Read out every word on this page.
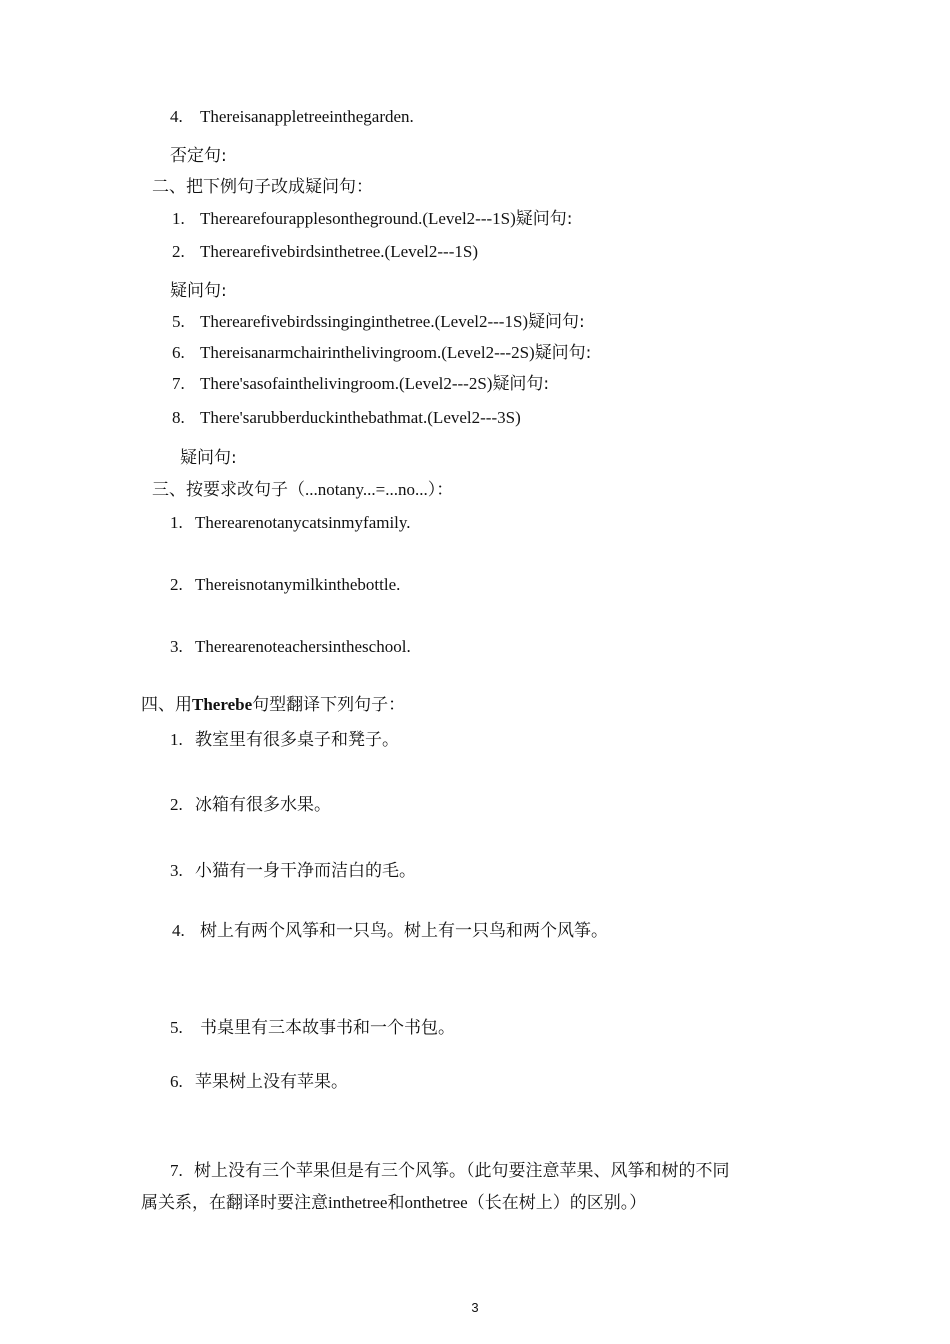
4. Thereisanappletreeinthegarden.
否定句:
二、把下例句子改成疑问句：
1. Therearefourapplesontheground.(Level2---1S)疑问句:
2. Therearefivebirdsinthetree.(Level2---1S)
疑问句:
5. Therearefivebirdssinginginthetree.(Level2---1S)疑问句:
6. Thereisanarmchairinthelivingroom.(Level2---2S)疑问句:
7. There'sasofainthelivingroom.(Level2---2S)疑问句:
8. There'sarubberduckinthebathmat.(Level2---3S)
疑问句:
三、按要求改句子（...notany...=...no...）：
1. Therearenotanycatsinmyfamily.
2. Thereisnotanymilkinthebottle.
3. Therearenoteachersintheschool.
四、用Therebe句型翻译下列句子：
1. 教室里有很多桌子和凳子。
2. 冰箱有很多水果。
3. 小猫有一身干净而洁白的毛。
4. 树上有两个风筝和一只鸟。树上有一只鸟和两个风筝。
5. 书桌里有三本故事书和一个书包。
6. 苹果树上没有苹果。
7. 树上没有三个苹果但是有三个风筝。（此句要注意苹果、风筝和树的不同
属关系，在翻译时要注意inthetree和onthetree（长在树上）的区别。）
3
